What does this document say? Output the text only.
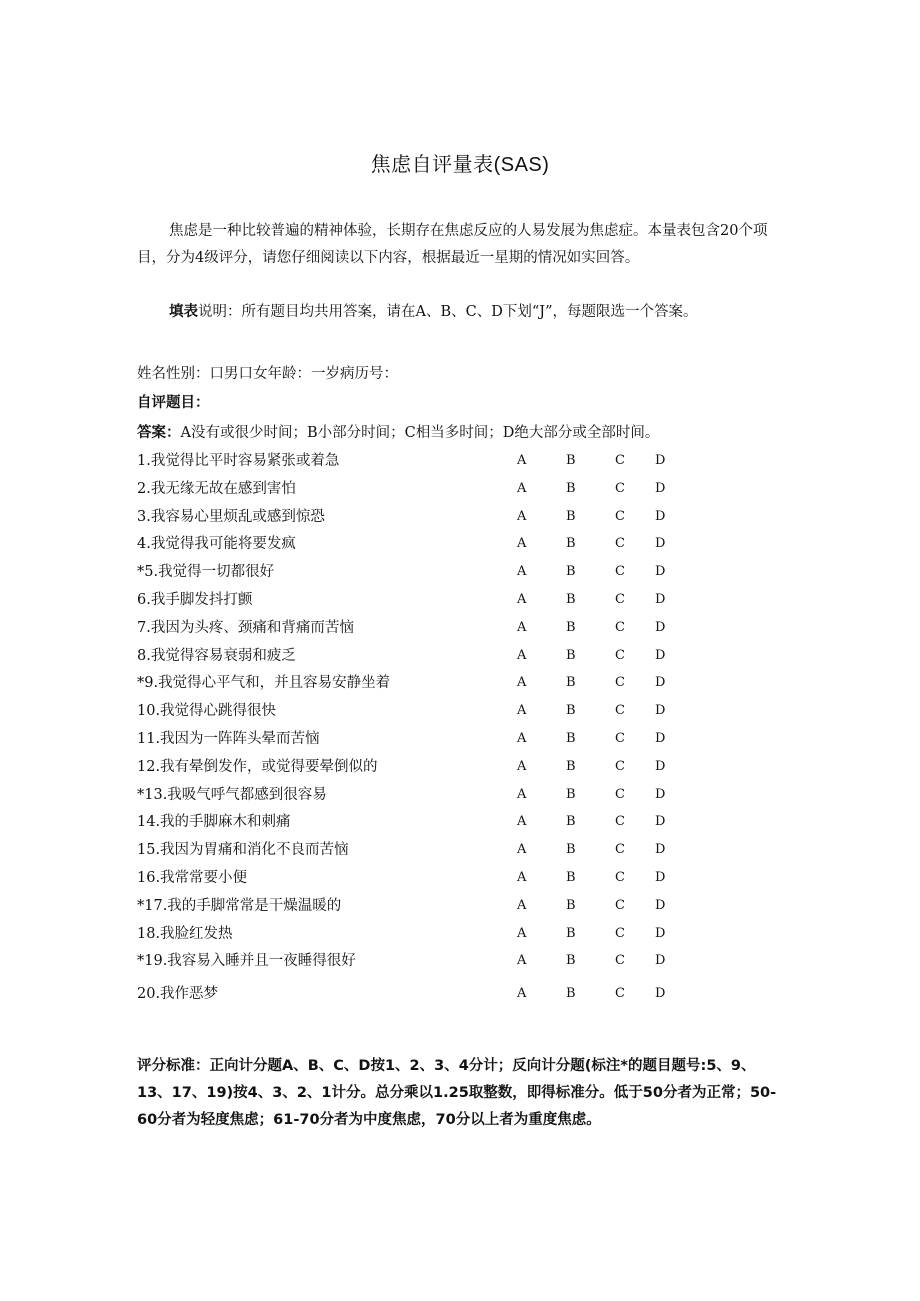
焦虑自评量表(SAS)
焦虑是一种比较普遍的精神体验，长期存在焦虑反应的人易发展为焦虑症。本量表包含20个项目，分为4级评分，请您仔细阅读以下内容，根据最近一星期的情况如实回答。
填表说明：所有题目均共用答案，请在A、B、C、D下划“J”，每题限选一个答案。
姓名性别：口男口女年龄：一岁病历号：
自评题目：
答案：A没有或很少时间；B小部分时间；C相当多时间；D绝大部分或全部时间。
1.我觉得比平时容易紧张或着急	A	B	C D
2.我无缘无故在感到害怕	A	B	C D
3.我容易心里烦乱或感到惊恐	A	B	C D
4.我觉得我可能将要发疯	A	B	C D
*5.我觉得一切都很好	A	B	C D
6.我手脚发抖打颤	A	B	C D
7.我因为头疼、颈痛和背痛而苦恼	A	B	C D
8.我觉得容易衰弱和疲乏	A	B	C D
*9.我觉得心平气和，并且容易安静坐着	A	B	C D
10.我觉得心跳得很快	A	B	C D
11.我因为一阵阵头晕而苦恼	A	B	C D
12.我有晕倒发作，或觉得要晕倒似的	A	B	C D
*13.我吸气呼气都感到很容易	A	B	C D
14.我的手脚麻木和刺痛	A	B	C D
15.我因为胃痛和消化不良而苦恼	A	B	C D
16.我常常要小便	A	B	C D
*17.我的手脚常常是干燥温暖的	A	B	C D
18.我脸红发热	A	B	C D
*19.我容易入睡并且一夜睡得很好	A	B	C D
20.我作恶梦	A	B	C D
评分标准：正向计分题A、B、C、D按1、2、3、4分计；反向计分题(标注*的题目题号:5、9、13、17、19)按4、3、2、1计分。总分乘以1.25取整数，即得标准分。低于50分者为正常；50-60分者为轻度焦虑；61-70分者为中度焦虑，70分以上者为重度焦虑。
